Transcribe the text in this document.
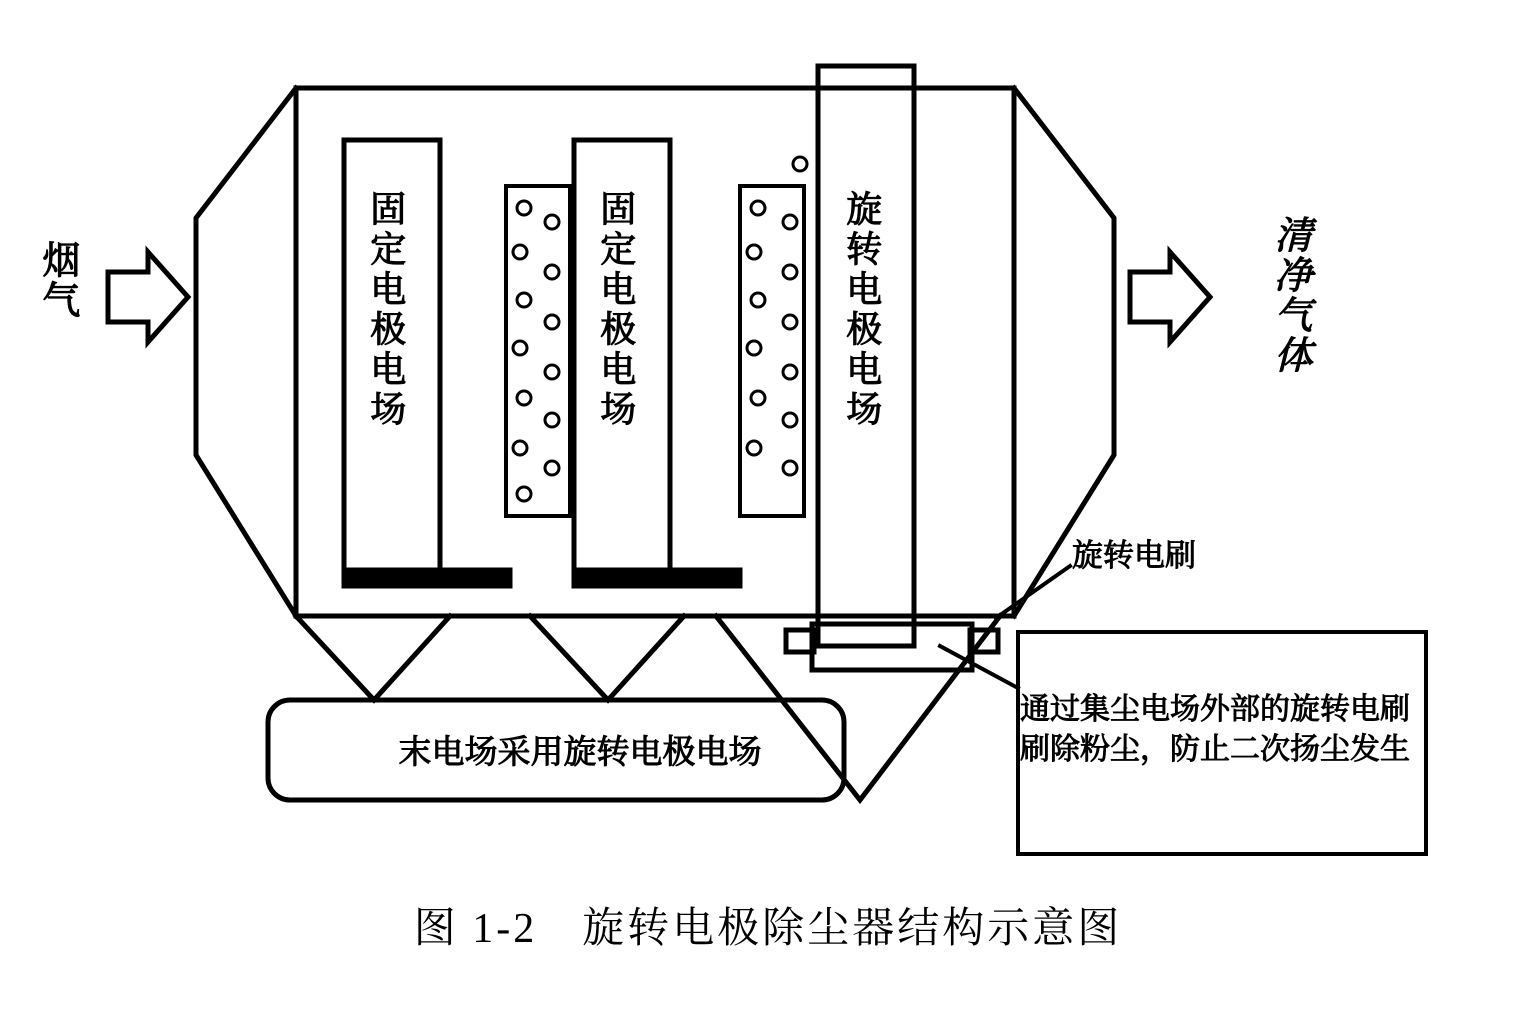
烟气	清净气体
固定电极电场	固定电极电场	旋转电极电场
旋转电刷
通过集尘电场外部的旋转电刷刷除粉尘，防止二次扬尘发生
末电场采用旋转电极电场
图 1-2　旋转电极除尘器结构示意图
